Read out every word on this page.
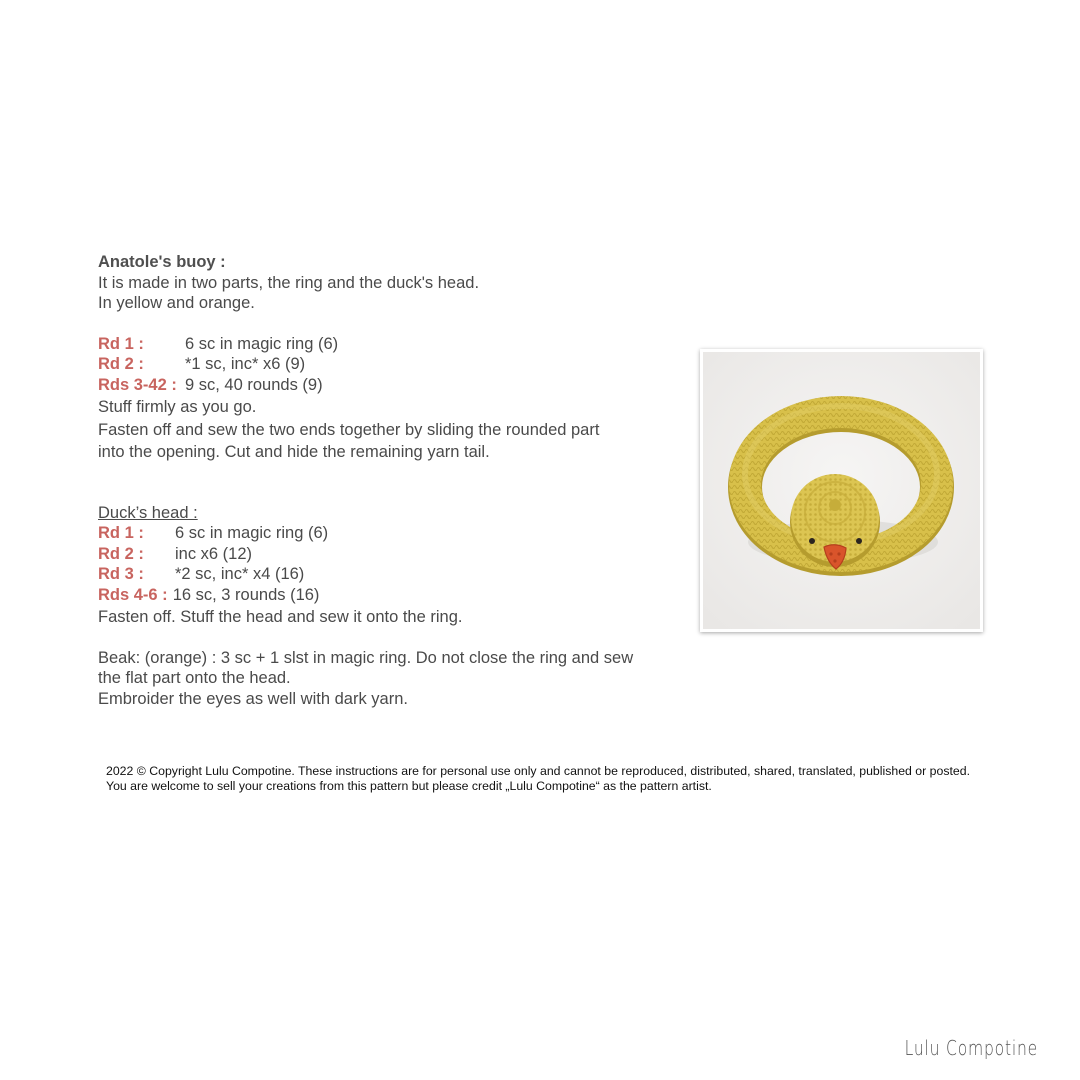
Anatole's buoy :
It is made in two parts, the ring and the duck's head.
In yellow and orange.
Rd 1 :	6 sc in magic ring (6)
Rd 2 :	*1 sc, inc* x6 (9)
Rds 3-42 : 9 sc, 40 rounds (9)
Stuff firmly as you go.
Fasten off and sew the two ends together by sliding the rounded part into the opening. Cut and hide the remaining yarn tail.
Duck’s head :
Rd 1 :	6 sc in magic ring (6)
Rd 2 :	inc x6 (12)
Rd 3 :	*2 sc, inc* x4 (16)
Rds 4-6 : 16 sc, 3 rounds (16)
Fasten off. Stuff the head and sew it onto the ring.
Beak: (orange) : 3 sc + 1 slst in magic ring. Do not close the ring and sew the flat part onto the head.
Embroider the eyes as well with dark yarn.
2022 © Copyright Lulu Compotine. These instructions are for personal use only and cannot be reproduced, distributed, shared, translated, published or posted. You are welcome to sell your creations from this pattern but please credit „Lulu Compotine“ as the pattern artist.
Lulu Compotine
